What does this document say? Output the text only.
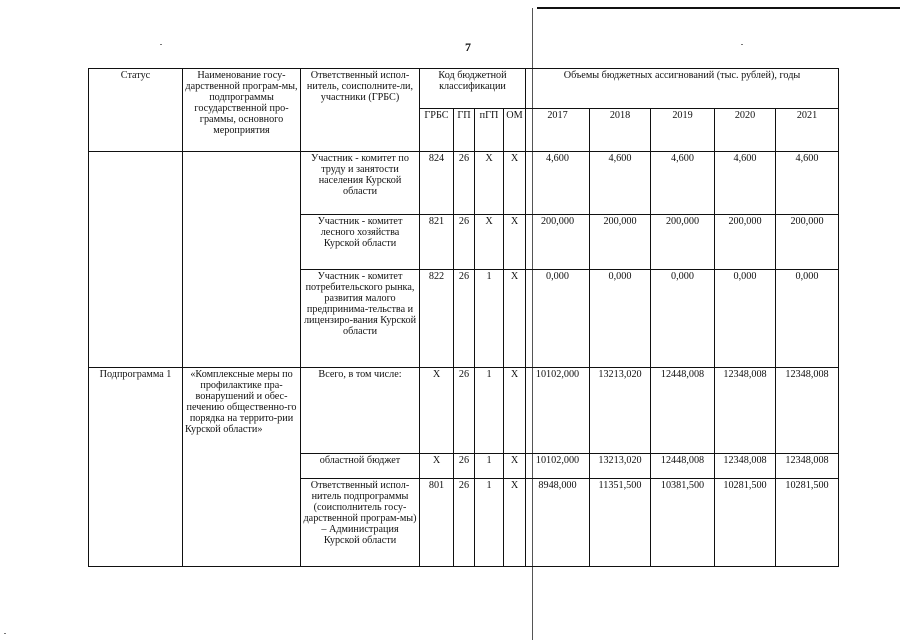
7
Статус	Наименование госу-дарственной програм-мы, подпрограммы государственной про-граммы, основного мероприятия	Ответственный испол-нитель, соисполните-ли, участники (ГРБС)	Код бюджетной классификации				Объемы бюджетных ассигнований (тыс. рублей), годы				
			ГРБС	ГП	пГП	ОМ	2017	2018	2019	2020	2021
		Участник - комитет по труду и занятости населения Курской области	824	26	X	X	4,600	4,600	4,600	4,600	4,600
		Участник - комитет лесного хозяйства Курской области	821	26	X	X	200,000	200,000	200,000	200,000	200,000
		Участник - комитет потребительского рынка, развития малого предпринима-тельства и лицензиро-вания Курской области	822	26	1	X	0,000	0,000	0,000	0,000	0,000
Подпрограмма 1	«Комплексные меры по профилактике пра-вонарушений и обес-печению общественно-го порядка на террито-рии Курской области»	Всего, в том числе:	X	26	1	X	10102,000	13213,020	12448,008	12348,008	12348,008
		областной бюджет	X	26	1	X	10102,000	13213,020	12448,008	12348,008	12348,008
		Ответственный испол-нитель подпрограммы (соисполнитель госу-дарственной програм-мы) – Администрация Курской области	801	26	1	X	8948,000	11351,500	10381,500	10281,500	10281,500
